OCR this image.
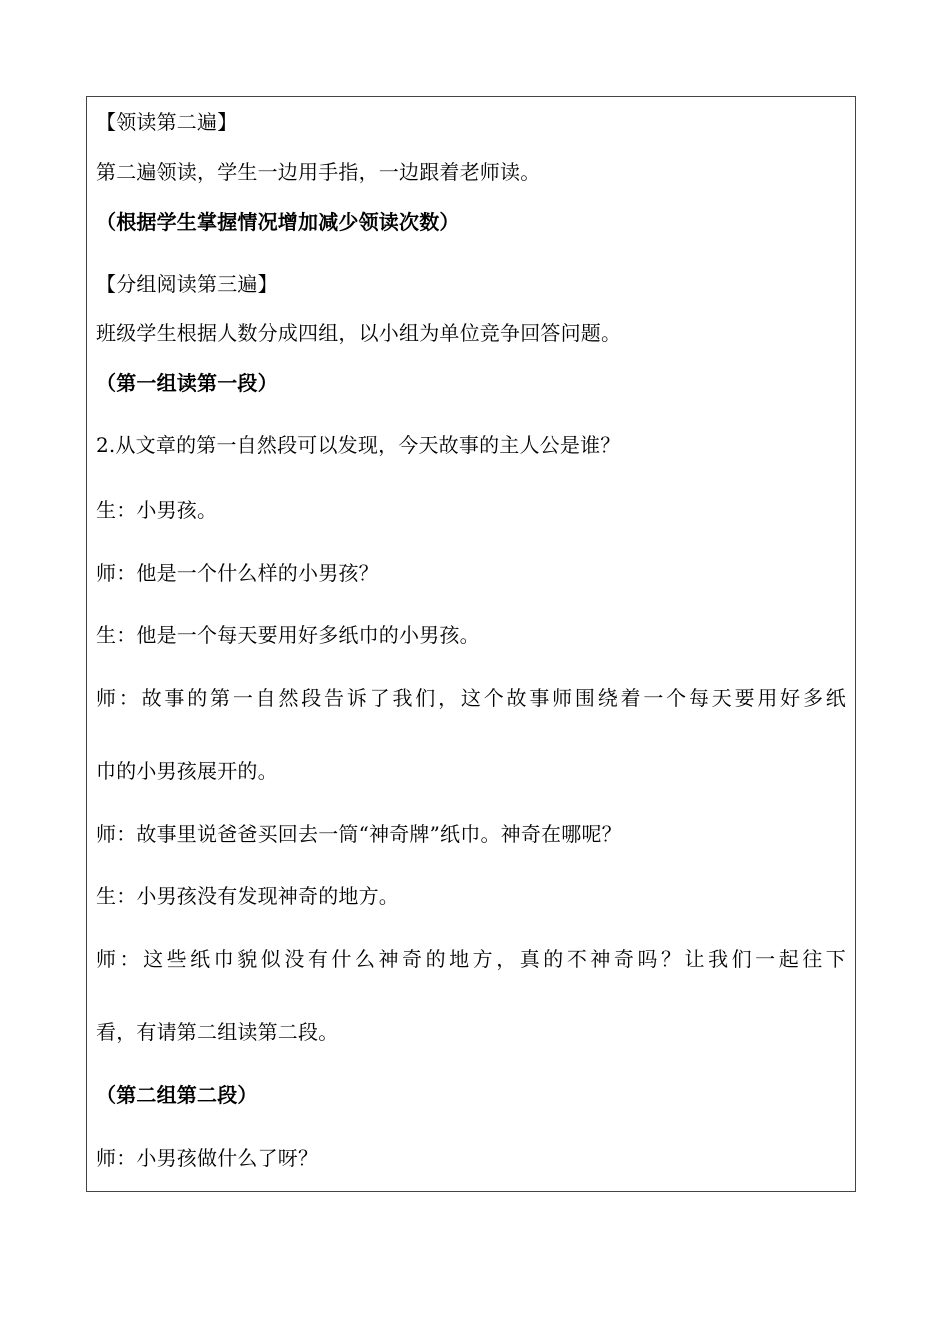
【领读第二遍】
第二遍领读，学生一边用手指，一边跟着老师读。
（根据学生掌握情况增加减少领读次数）
【分组阅读第三遍】
班级学生根据人数分成四组，以小组为单位竞争回答问题。
（第一组读第一段）
2.从文章的第一自然段可以发现，今天故事的主人公是谁？
生：小男孩。
师：他是一个什么样的小男孩？
生：他是一个每天要用好多纸巾的小男孩。
师：故事的第一自然段告诉了我们，这个故事师围绕着一个每天要用好多纸
巾的小男孩展开的。
师：故事里说爸爸买回去一筒“神奇牌”纸巾。神奇在哪呢？
生：小男孩没有发现神奇的地方。
师：这些纸巾貌似没有什么神奇的地方，真的不神奇吗？让我们一起往下
看，有请第二组读第二段。
（第二组第二段）
师：小男孩做什么了呀？
